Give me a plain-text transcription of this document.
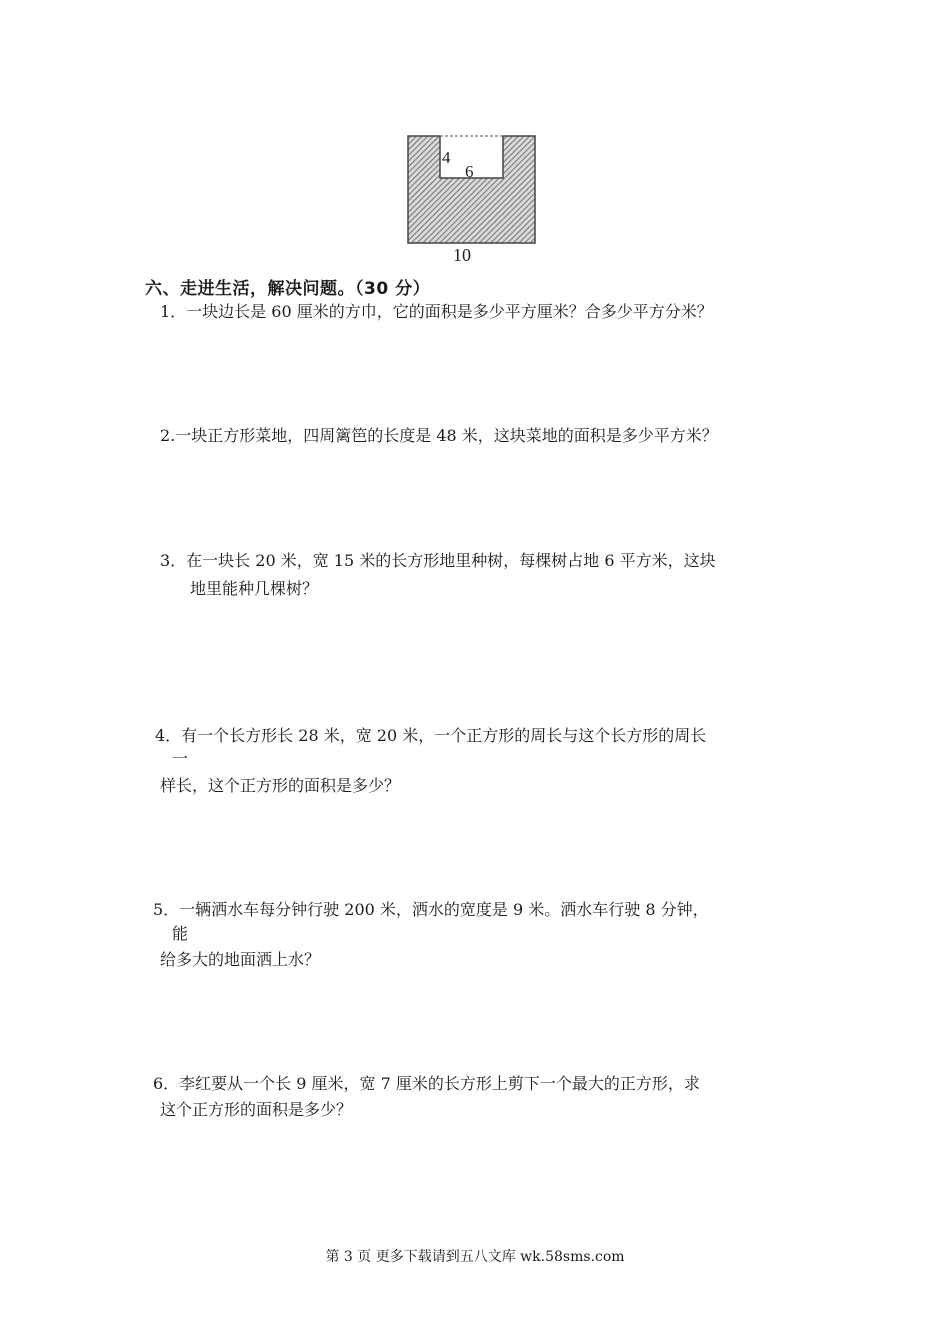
4
6
10
六、走进生活，解决问题。（30 分）
1．一块边长是 60 厘米的方巾，它的面积是多少平方厘米？合多少平方分米？
2.一块正方形菜地，四周篱笆的长度是 48 米，这块菜地的面积是多少平方米？
3．在一块长 20 米，宽 15 米的长方形地里种树，每棵树占地 6 平方米，这块
地里能种几棵树？
4．有一个长方形长 28 米，宽 20 米，一个正方形的周长与这个长方形的周长
一
样长，这个正方形的面积是多少？
5．一辆洒水车每分钟行驶 200 米，洒水的宽度是 9 米。洒水车行驶 8 分钟，
能
给多大的地面洒上水？
6．李红要从一个长 9 厘米，宽 7 厘米的长方形上剪下一个最大的正方形，求
这个正方形的面积是多少？
第 3 页 更多下载请到五八文库 wk.58sms.com
